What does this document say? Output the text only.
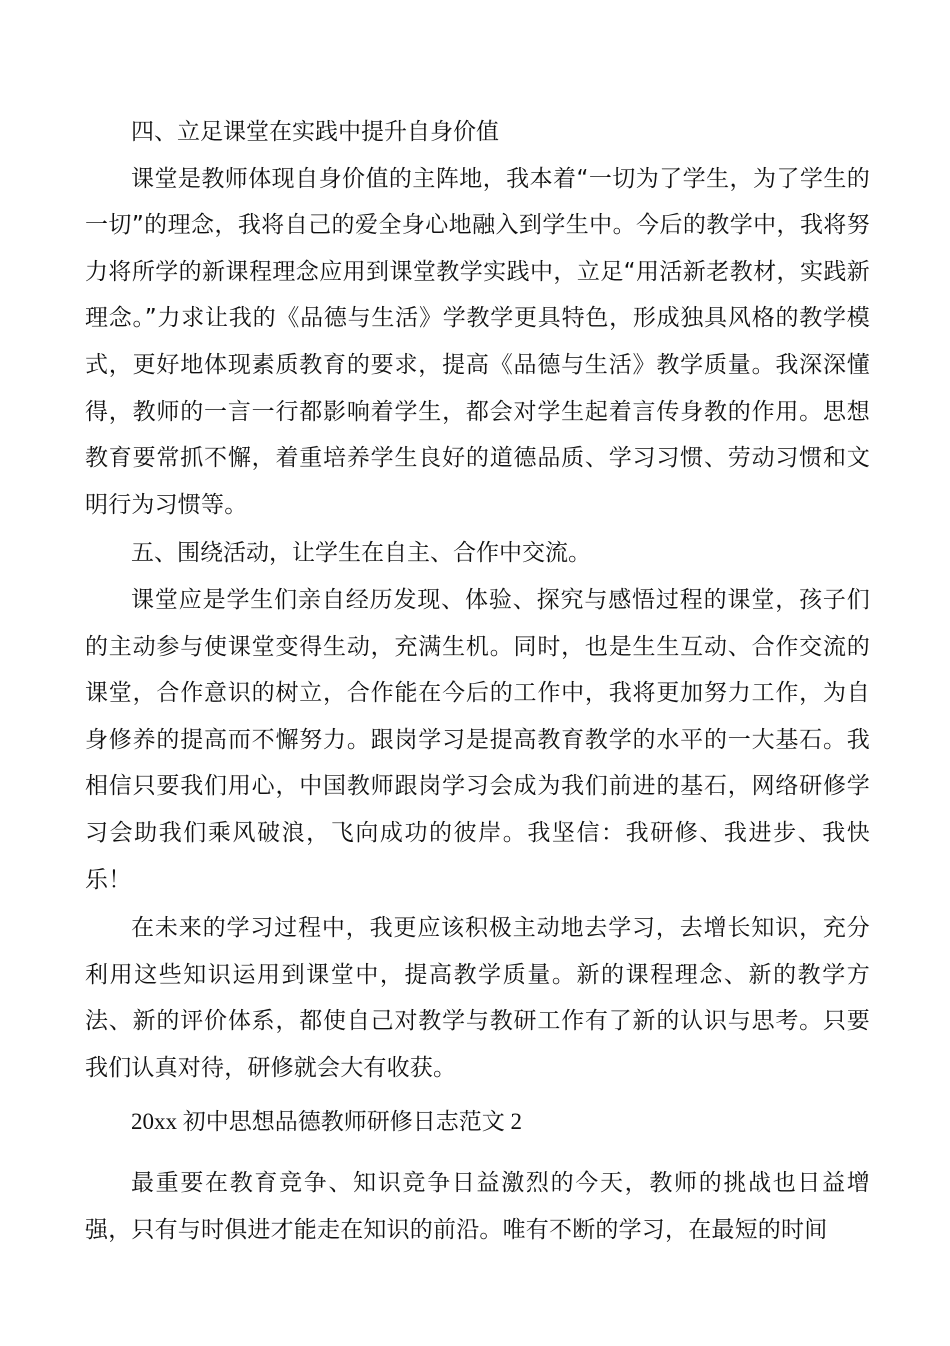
四、立足课堂在实践中提升自身价值

课堂是教师体现自身价值的主阵地，我本着“一切为了学生，为了学生的一切”的理念，我将自己的爱全身心地融入到学生中。今后的教学中，我将努力将所学的新课程理念应用到课堂教学实践中，立足“用活新老教材，实践新理念。”力求让我的《品德与生活》学教学更具特色，形成独具风格的教学模式，更好地体现素质教育的要求，提高《品德与生活》教学质量。我深深懂得，教师的一言一行都影响着学生，都会对学生起着言传身教的作用。思想教育要常抓不懈，着重培养学生良好的道德品质、学习习惯、劳动习惯和文明行为习惯等。

五、围绕活动，让学生在自主、合作中交流。

课堂应是学生们亲自经历发现、体验、探究与感悟过程的课堂，孩子们的主动参与使课堂变得生动，充满生机。同时，也是生生互动、合作交流的课堂，合作意识的树立，合作能在今后的工作中，我将更加努力工作，为自身修养的提高而不懈努力。跟岗学习是提高教育教学的水平的一大基石。我相信只要我们用心，中国教师跟岗学习会成为我们前进的基石，网络研修学习会助我们乘风破浪，飞向成功的彼岸。我坚信：我研修、我进步、我快乐！

在未来的学习过程中，我更应该积极主动地去学习，去增长知识，充分利用这些知识运用到课堂中，提高教学质量。新的课程理念、新的教学方法、新的评价体系，都使自己对教学与教研工作有了新的认识与思考。只要我们认真对待，研修就会大有收获。

20xx 初中思想品德教师研修日志范文 2

最重要在教育竞争、知识竞争日益激烈的今天，教师的挑战也日益增强，只有与时俱进才能走在知识的前沿。唯有不断的学习，在最短的时间
